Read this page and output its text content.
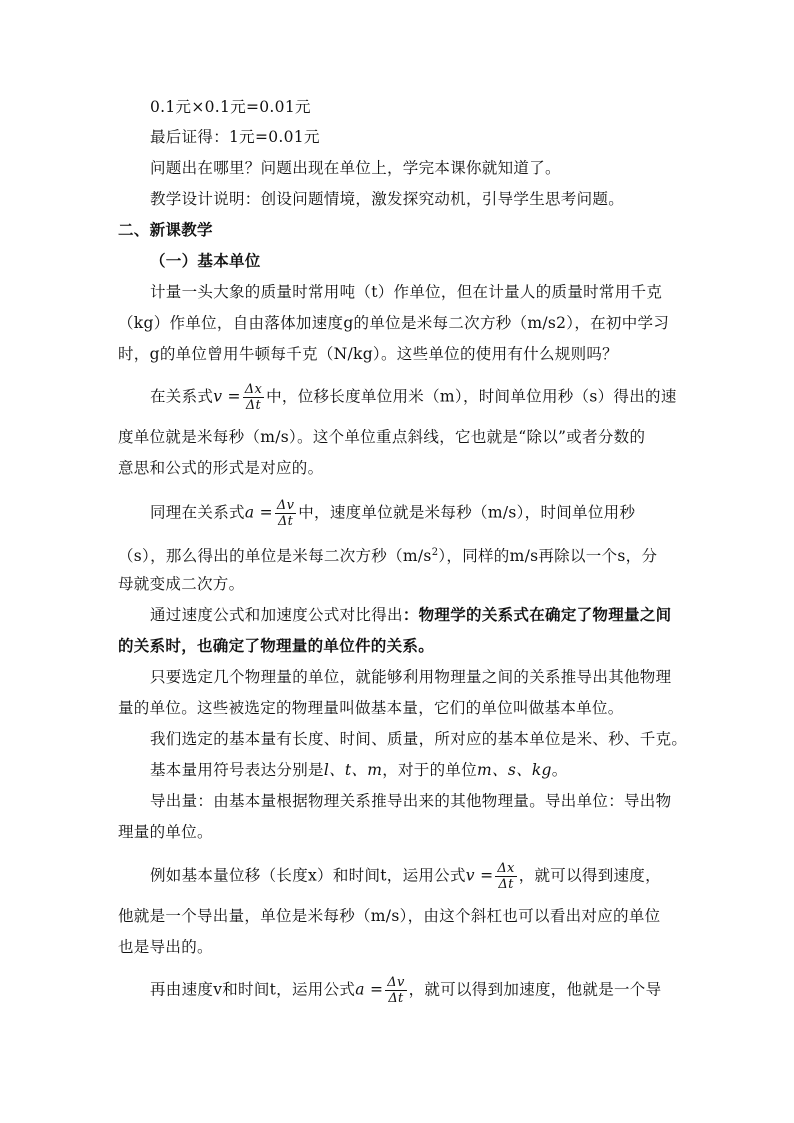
0.1元×0.1元=0.01元
最后证得：1元=0.01元
问题出在哪里？问题出现在单位上，学完本课你就知道了。
教学设计说明：创设问题情境，激发探究动机，引导学生思考问题。
二、新课教学
（一）基本单位
计量一头大象的质量时常用吨（t）作单位，但在计量人的质量时常用千克
（kg）作单位，自由落体加速度g的单位是米每二次方秒（m/s2），在初中学习
时，g的单位曾用牛顿每千克（N/kg）。这些单位的使用有什么规则吗？
在关系式$v = \frac{\Delta x}{\Delta t}$ 中，位移长度单位用米（m），时间单位用秒（s）得出的速
度单位就是米每秒（m/s）。这个单位重点斜线，它也就是“除以”或者分数的
意思和公式的形式是对应的。
同理在关系式$a = \frac{\Delta v}{\Delta t}$ 中，速度单位就是米每秒（m/s），时间单位用秒
（s），那么得出的单位是米每二次方秒$(m/s^2)$，同样的m/s再除以一个s，分
母就变成二次方。
通过速度公式和加速度公式对比得出：物理学的关系式在确定了物理量之间
的关系时，也确定了物理量的单位件的关系。
只要选定几个物理量的单位，就能够利用物理量之间的关系推导出其他物理
量的单位。这些被选定的物理量叫做基本量，它们的单位叫做基本单位。
我们选定的基本量有长度、时间、质量，所对应的基本单位是米、秒、千克。
基本量用符号表达分别是l、t、m，对于的单位m、s、kg。
导出量：由基本量根据物理关系推导出来的其他物理量。导出单位：导出物
理量的单位。
例如基本量位移（长度x）和时间t，运用公式$v = \frac{\Delta x}{\Delta t}$ ，就可以得到速度，
他就是一个导出量，单位是米每秒（m/s），由这个斜杠也可以看出对应的单位
也是导出的。
再由速度v和时间t，运用公式$a = \frac{\Delta v}{\Delta t}$ ，就可以得到加速度，他就是一个导
